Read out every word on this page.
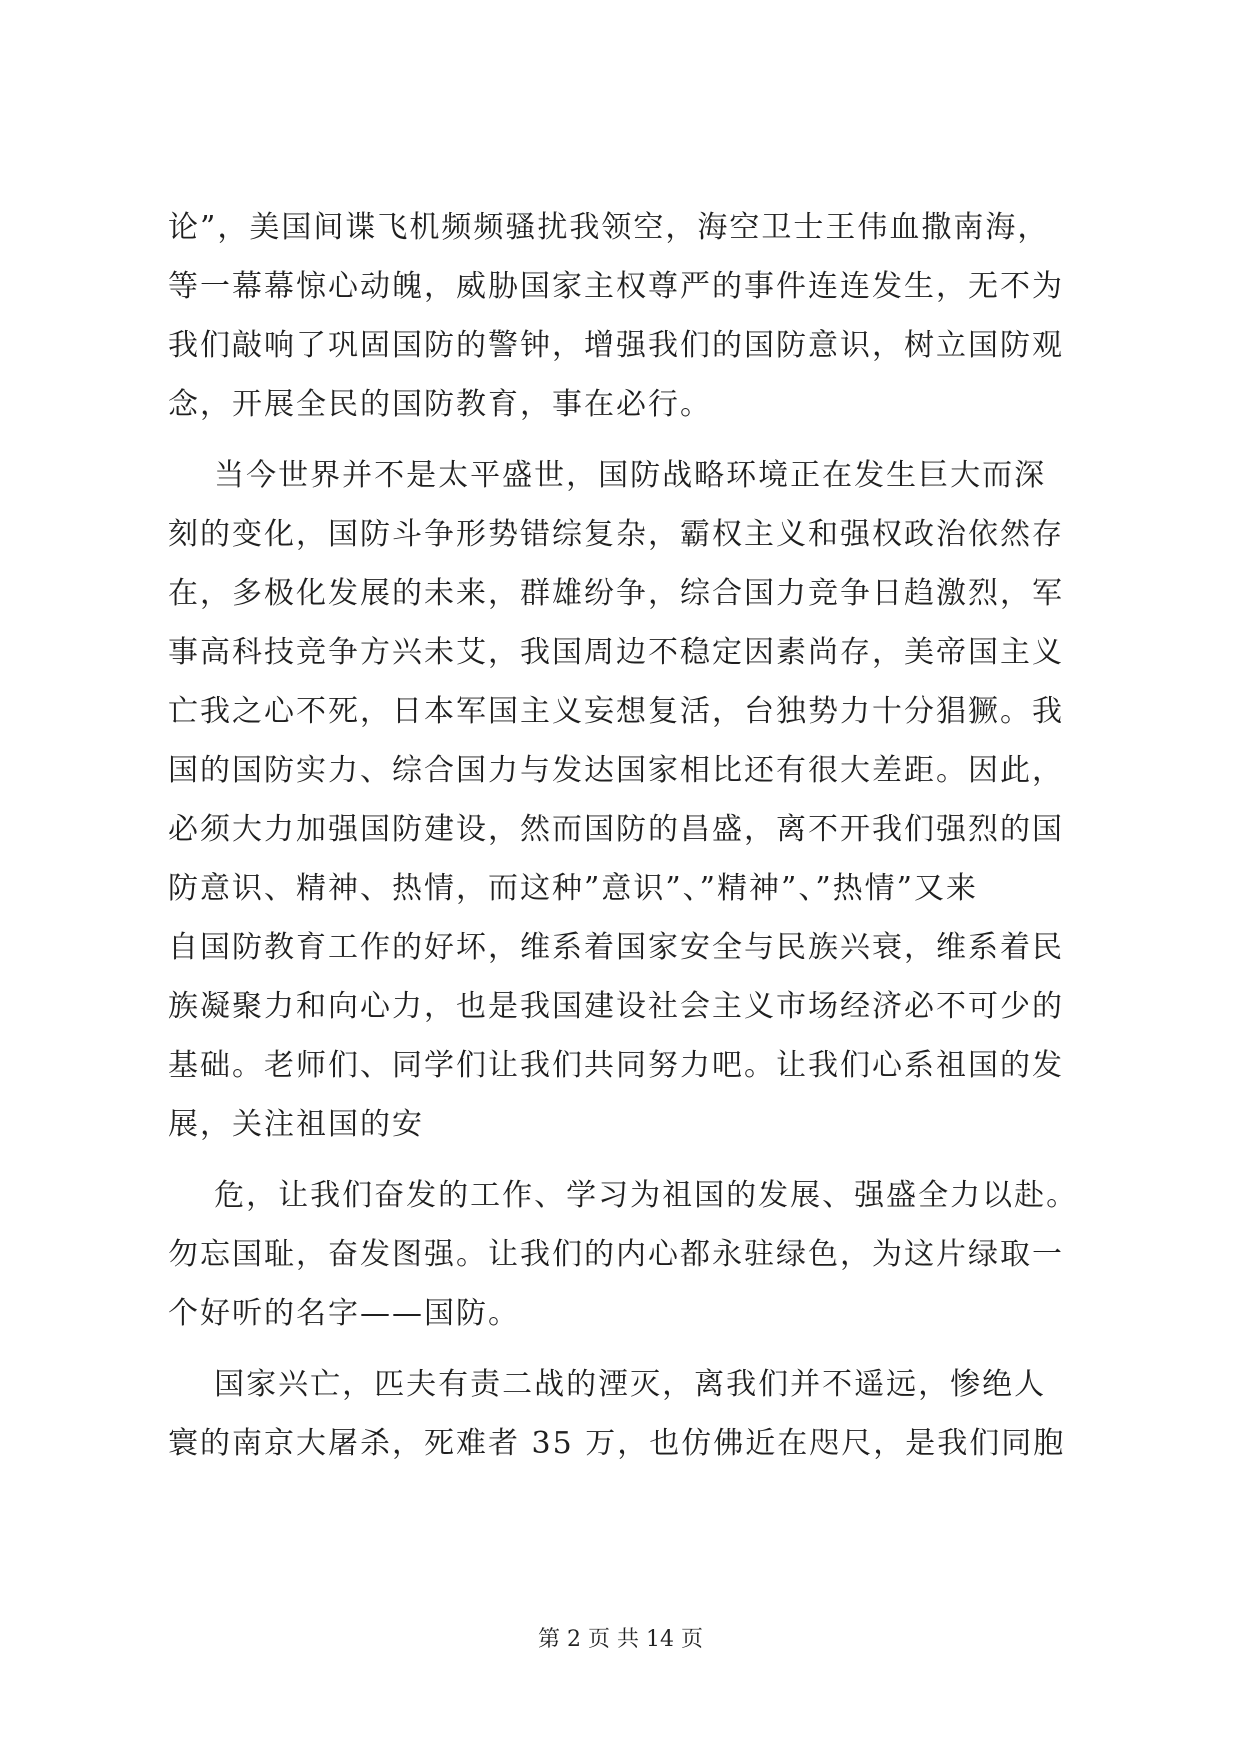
论”，美国间谍飞机频频骚扰我领空，海空卫士王伟血撒南海，
等一幕幕惊心动魄，威胁国家主权尊严的事件连连发生，无不为
我们敲响了巩固国防的警钟，增强我们的国防意识，树立国防观
念，开展全民的国防教育，事在必行。
当今世界并不是太平盛世，国防战略环境正在发生巨大而深
刻的变化，国防斗争形势错综复杂，霸权主义和强权政治依然存
在，多极化发展的未来，群雄纷争，综合国力竞争日趋激烈，军
事高科技竞争方兴未艾，我国周边不稳定因素尚存，美帝国主义
亡我之心不死，日本军国主义妄想复活，台独势力十分猖獗。我
国的国防实力、综合国力与发达国家相比还有很大差距。因此，
必须大力加强国防建设，然而国防的昌盛，离不开我们强烈的国
防意识、精神、热情，而这种”意识”、”精神”、”热情”又来
自国防教育工作的好坏，维系着国家安全与民族兴衰，维系着民
族凝聚力和向心力，也是我国建设社会主义市场经济必不可少的
基础。老师们、同学们让我们共同努力吧。让我们心系祖国的发
展，关注祖国的安
危，让我们奋发的工作、学习为祖国的发展、强盛全力以赴。
勿忘国耻，奋发图强。让我们的内心都永驻绿色，为这片绿取一
个好听的名字——国防。
国家兴亡，匹夫有责二战的湮灭，离我们并不遥远，惨绝人
寰的南京大屠杀，死难者 35 万，也仿佛近在咫尺，是我们同胞
第 2 页 共 14 页
